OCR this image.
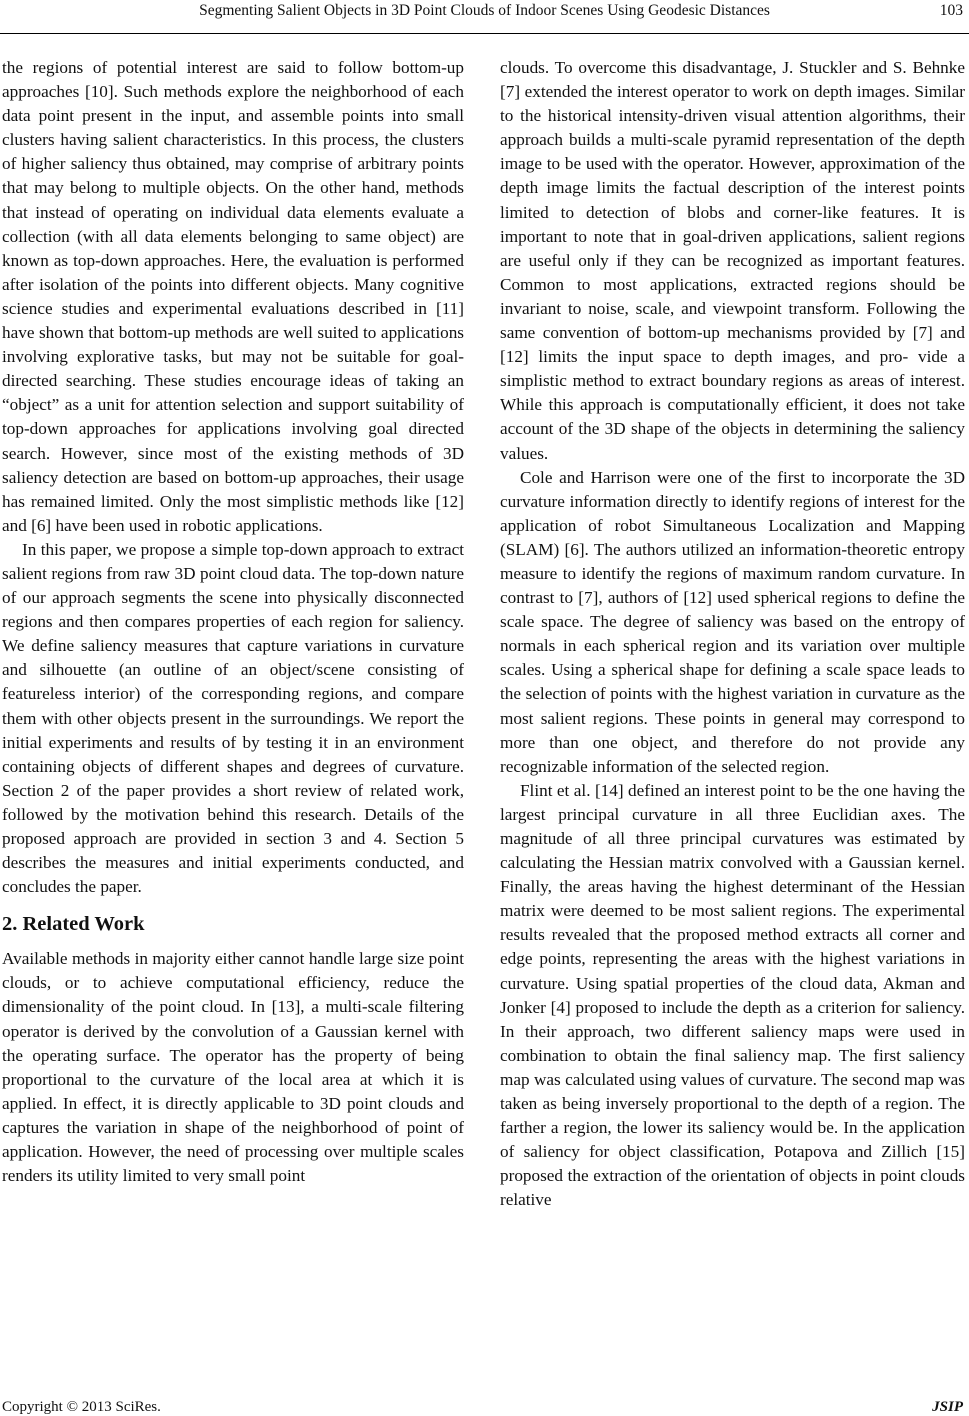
Segmenting Salient Objects in 3D Point Clouds of Indoor Scenes Using Geodesic Distances	103

the regions of potential interest are said to follow bottom-up approaches [10]. Such methods explore the neighborhood of each data point present in the input, and assemble points into small clusters having salient characteristics. In this process, the clusters of higher saliency thus obtained, may comprise of arbitrary points that may belong to multiple objects. On the other hand, methods that instead of operating on individual data elements evaluate a collection (with all data elements belonging to same object) are known as top-down approaches. Here, the evaluation is performed after isolation of the points into different objects. Many cognitive science studies and experimental evaluations described in [11] have shown that bottom-up methods are well suited to applications involving explorative tasks, but may not be suitable for goal-directed searching. These studies encourage ideas of taking an “object” as a unit for attention selection and support suitability of top-down approaches for applications involving goal directed search. However, since most of the existing methods of 3D saliency detection are based on bottom-up approaches, their usage has remained limited. Only the most simplistic methods like [12] and [6] have been used in robotic applications.

In this paper, we propose a simple top-down approach to extract salient regions from raw 3D point cloud data. The top-down nature of our approach segments the scene into physically disconnected regions and then compares properties of each region for saliency. We define saliency measures that capture variations in curvature and silhouette (an outline of an object/scene consisting of featureless interior) of the corresponding regions, and compare them with other objects present in the surroundings. We report the initial experiments and results of by testing it in an environment containing objects of different shapes and degrees of curvature. Section 2 of the paper provides a short review of related work, followed by the motivation behind this research. Details of the proposed approach are provided in section 3 and 4. Section 5 describes the measures and initial experiments conducted, and concludes the paper.

2. Related Work

Available methods in majority either cannot handle large size point clouds, or to achieve computational efficiency, reduce the dimensionality of the point cloud. In [13], a multi-scale filtering operator is derived by the convolution of a Gaussian kernel with the operating surface. The operator has the property of being proportional to the curvature of the local area at which it is applied. In effect, it is directly applicable to 3D point clouds and captures the variation in shape of the neighborhood of point of application. However, the need of processing over multiple scales renders its utility limited to very small point

clouds. To overcome this disadvantage, J. Stuckler and S. Behnke [7] extended the interest operator to work on depth images. Similar to the historical intensity-driven visual attention algorithms, their approach builds a multi-scale pyramid representation of the depth image to be used with the operator. However, approximation of the depth image limits the factual description of the interest points limited to detection of blobs and corner-like features. It is important to note that in goal-driven applications, salient regions are useful only if they can be recognized as important features. Common to most applications, extracted regions should be invariant to noise, scale, and viewpoint transform. Following the same convention of bottom-up mechanisms provided by [7] and [12] limits the input space to depth images, and pro- vide a simplistic method to extract boundary regions as areas of interest. While this approach is computationally efficient, it does not take account of the 3D shape of the objects in determining the saliency values.

Cole and Harrison were one of the first to incorporate the 3D curvature information directly to identify regions of interest for the application of robot Simultaneous Localization and Mapping (SLAM) [6]. The authors utilized an information-theoretic entropy measure to identify the regions of maximum random curvature. In contrast to [7], authors of [12] used spherical regions to define the scale space. The degree of saliency was based on the entropy of normals in each spherical region and its variation over multiple scales. Using a spherical shape for defining a scale space leads to the selection of points with the highest variation in curvature as the most salient regions. These points in general may correspond to more than one object, and therefore do not provide any recognizable information of the selected region.

Flint et al. [14] defined an interest point to be the one having the largest principal curvature in all three Euclidian axes. The magnitude of all three principal curvatures was estimated by calculating the Hessian matrix convolved with a Gaussian kernel. Finally, the areas having the highest determinant of the Hessian matrix were deemed to be most salient regions. The experimental results revealed that the proposed method extracts all corner and edge points, representing the areas with the highest variations in curvature. Using spatial properties of the cloud data, Akman and Jonker [4] proposed to include the depth as a criterion for saliency. In their approach, two different saliency maps were used in combination to obtain the final saliency map. The first saliency map was calculated using values of curvature. The second map was taken as being inversely proportional to the depth of a region. The farther a region, the lower its saliency would be. In the application of saliency for object classification, Potapova and Zillich [15] proposed the extraction of the orientation of objects in point clouds relative

Copyright © 2013 SciRes.	JSIP
